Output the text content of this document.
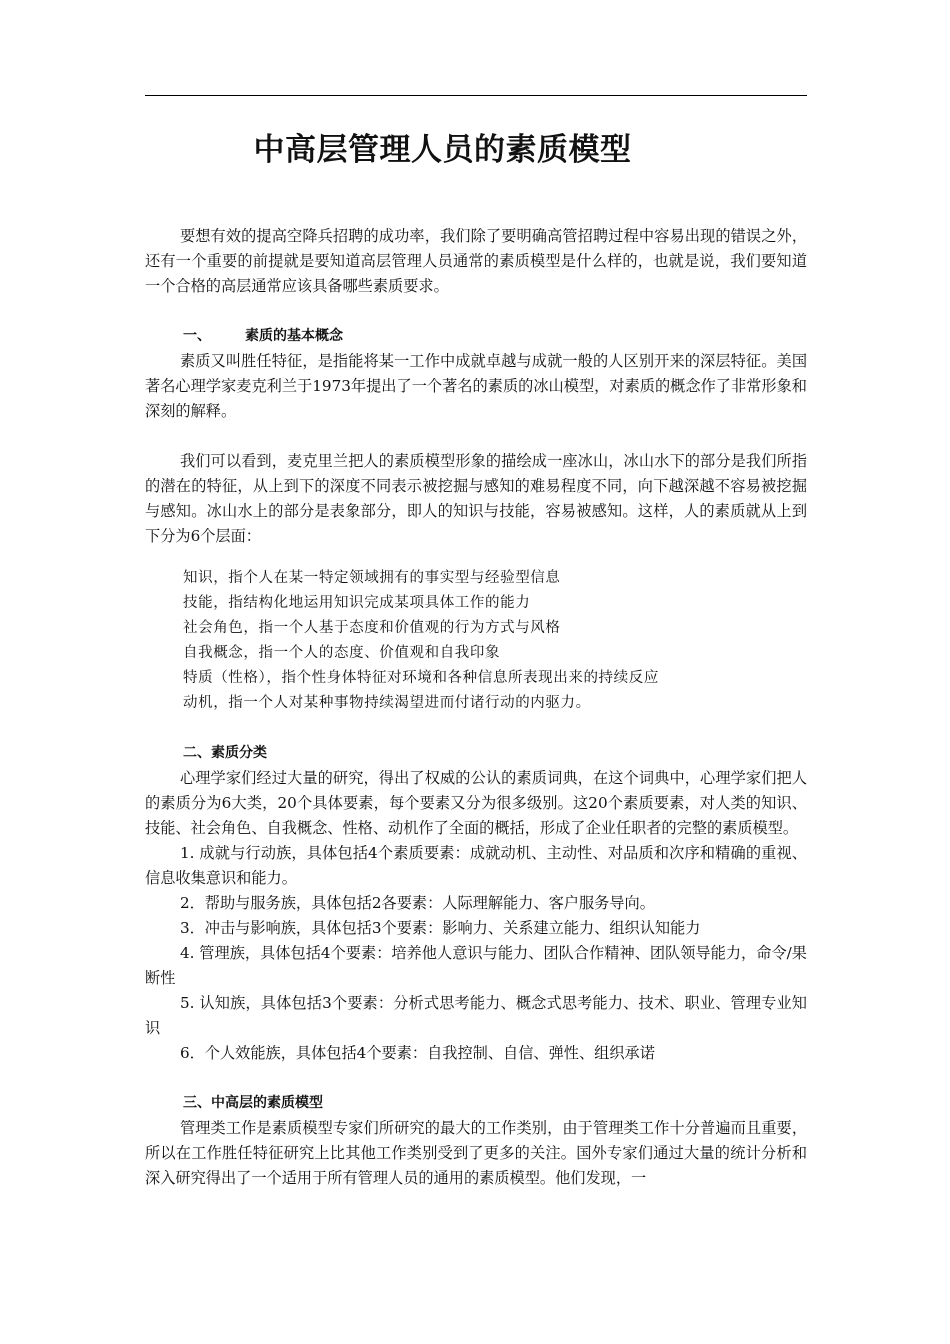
中高层管理人员的素质模型

要想有效的提高空降兵招聘的成功率，我们除了要明确高管招聘过程中容易出现的错误之外，还有一个重要的前提就是要知道高层管理人员通常的素质模型是什么样的，也就是说，我们要知道一个合格的高层通常应该具备哪些素质要求。

一、 素质的基本概念

素质又叫胜任特征，是指能将某一工作中成就卓越与成就一般的人区别开来的深层特征。美国著名心理学家麦克利兰于1973年提出了一个著名的素质的冰山模型，对素质的概念作了非常形象和深刻的解释。

我们可以看到，麦克里兰把人的素质模型形象的描绘成一座冰山，冰山水下的部分是我们所指的潜在的特征，从上到下的深度不同表示被挖掘与感知的难易程度不同，向下越深越不容易被挖掘与感知。冰山水上的部分是表象部分，即人的知识与技能，容易被感知。这样，人的素质就从上到下分为6个层面：

知识，指个人在某一特定领域拥有的事实型与经验型信息

技能，指结构化地运用知识完成某项具体工作的能力

社会角色，指一个人基于态度和价值观的行为方式与风格

自我概念，指一个人的态度、价值观和自我印象

特质（性格），指个性身体特征对环境和各种信息所表现出来的持续反应

动机，指一个人对某种事物持续渴望进而付诸行动的内驱力。

二、素质分类

心理学家们经过大量的研究，得出了权威的公认的素质词典，在这个词典中，心理学家们把人的素质分为6大类，20个具体要素，每个要素又分为很多级别。这20个素质要素，对人类的知识、技能、社会角色、自我概念、性格、动机作了全面的概括，形成了企业任职者的完整的素质模型。

1. 成就与行动族，具体包括4个素质要素：成就动机、主动性、对品质和次序和精确的重视、信息收集意识和能力。

2．帮助与服务族，具体包括2各要素：人际理解能力、客户服务导向。

3．冲击与影响族，具体包括3个要素：影响力、关系建立能力、组织认知能力

4. 管理族，具体包括4个要素：培养他人意识与能力、团队合作精神、团队领导能力，命令/果断性

5. 认知族，具体包括3个要素：分析式思考能力、概念式思考能力、技术、职业、管理专业知识

6．个人效能族，具体包括4个要素：自我控制、自信、弹性、组织承诺

三、中高层的素质模型

管理类工作是素质模型专家们所研究的最大的工作类别，由于管理类工作十分普遍而且重要，所以在工作胜任特征研究上比其他工作类别受到了更多的关注。国外专家们通过大量的统计分析和深入研究得出了一个适用于所有管理人员的通用的素质模型。他们发现，一
